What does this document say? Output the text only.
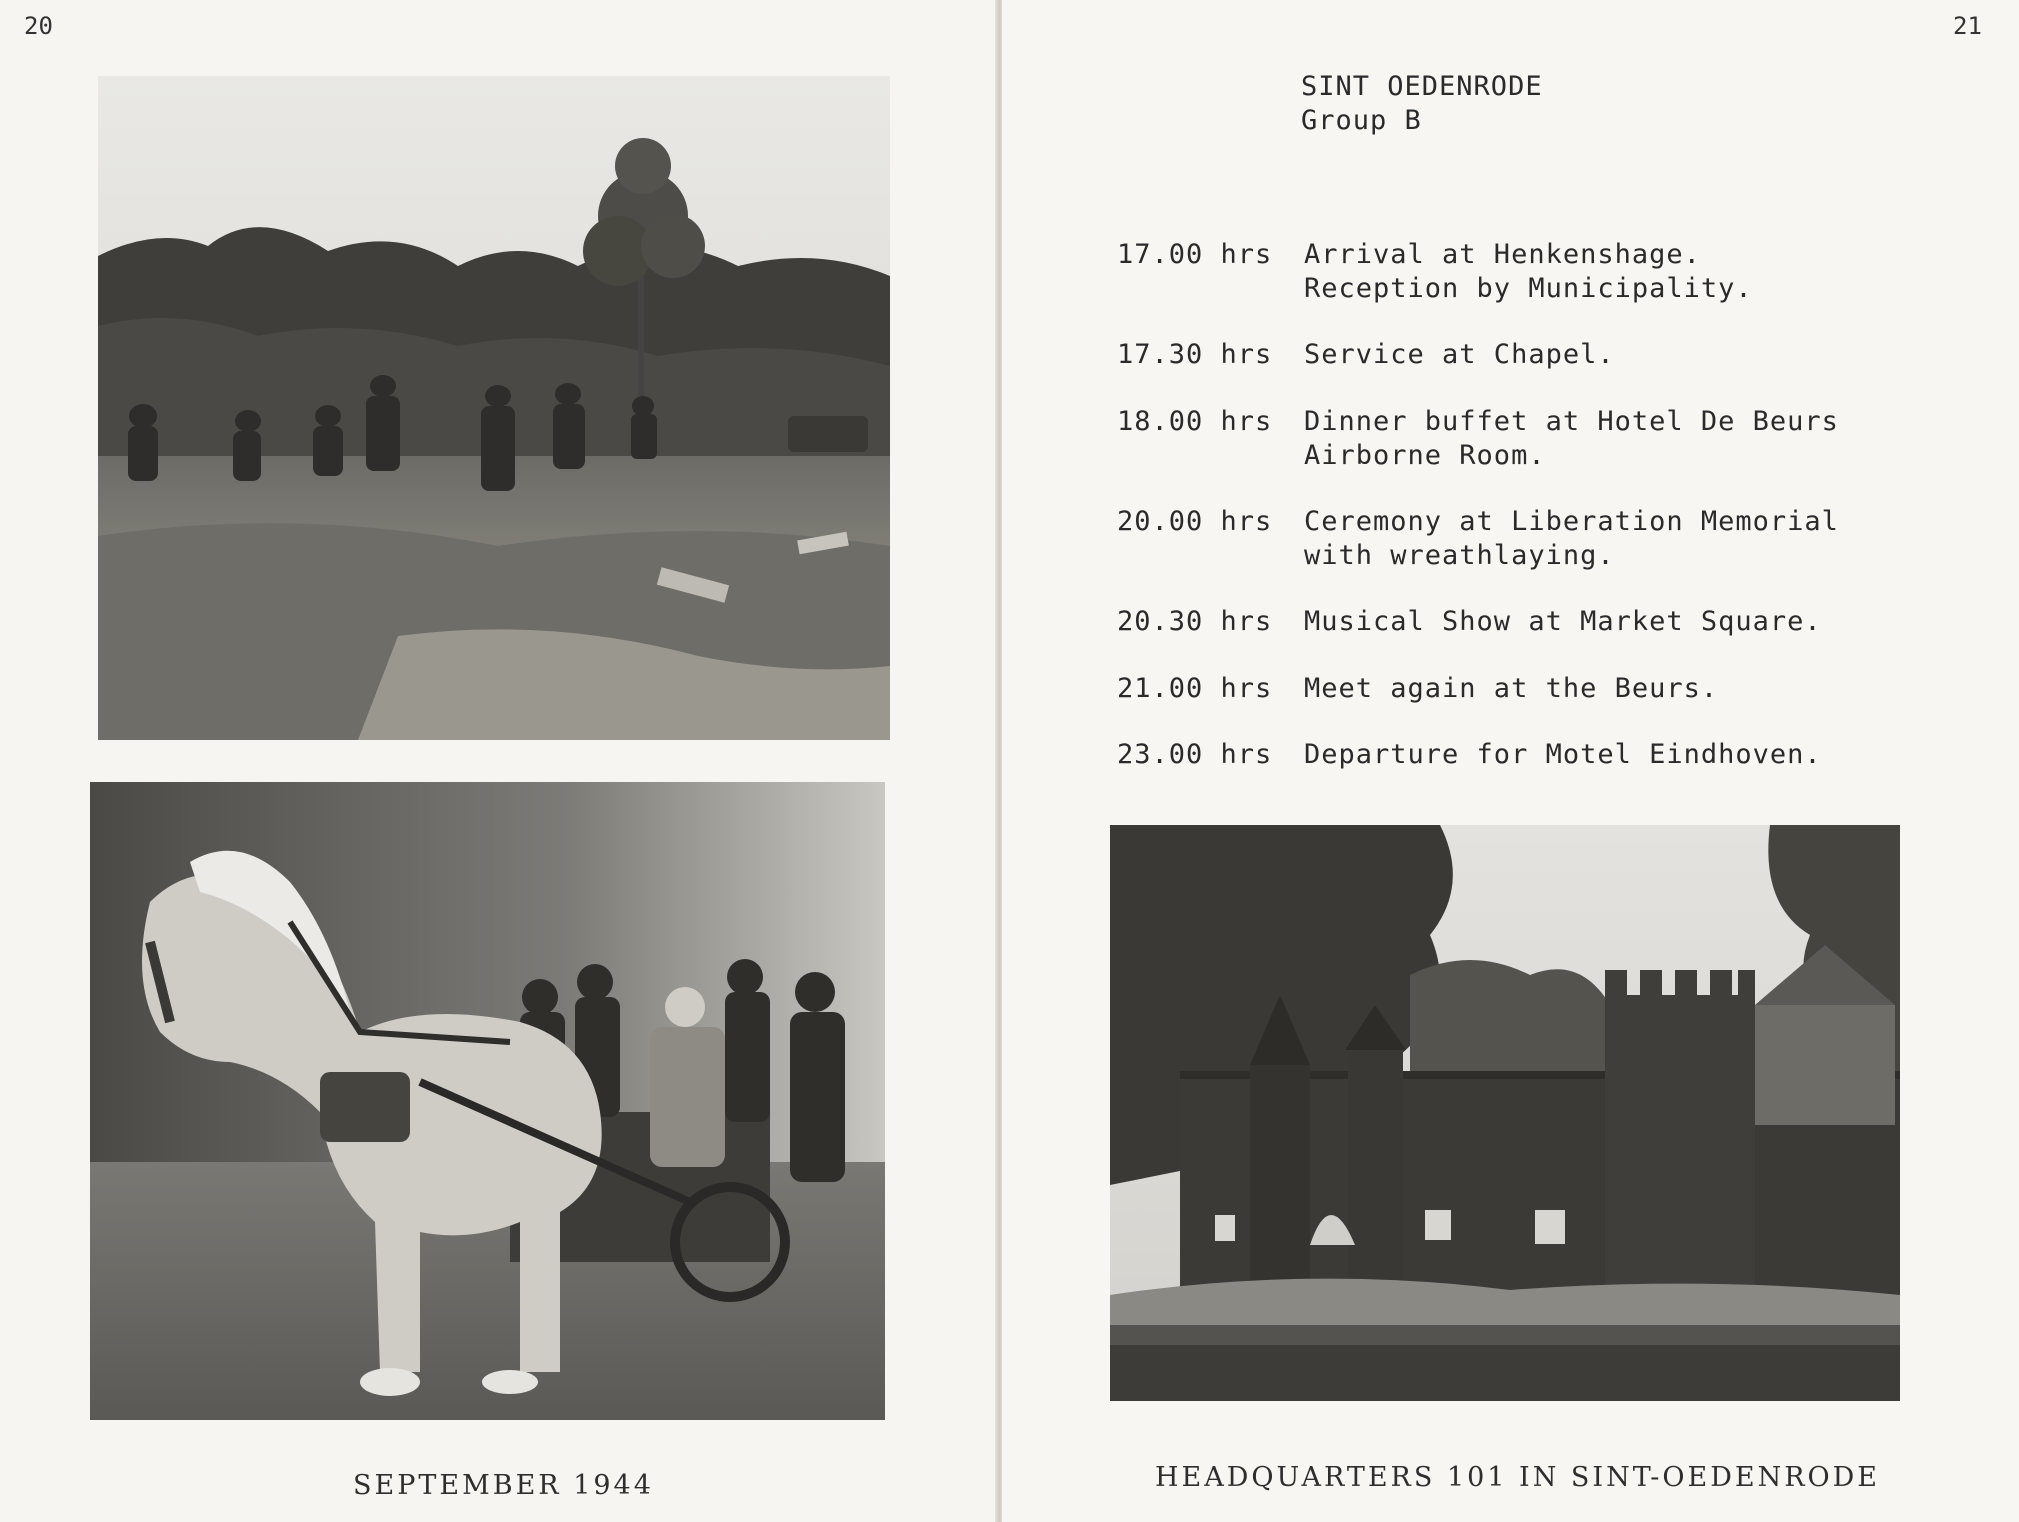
20
SEPTEMBER 1944
21
SINT OEDENRODE
Group B
17.00 hrs	Arrival at Henkenshage.
Reception by Municipality.
17.30 hrs	Service at Chapel.
18.00 hrs	Dinner buffet at Hotel De Beurs
Airborne Room.
20.00 hrs	Ceremony at Liberation Memorial
with wreathlaying.
20.30 hrs	Musical Show at Market Square.
21.00 hrs	Meet again at the Beurs.
23.00 hrs	Departure for Motel Eindhoven.
HEADQUARTERS 101 IN SINT-OEDENRODE
